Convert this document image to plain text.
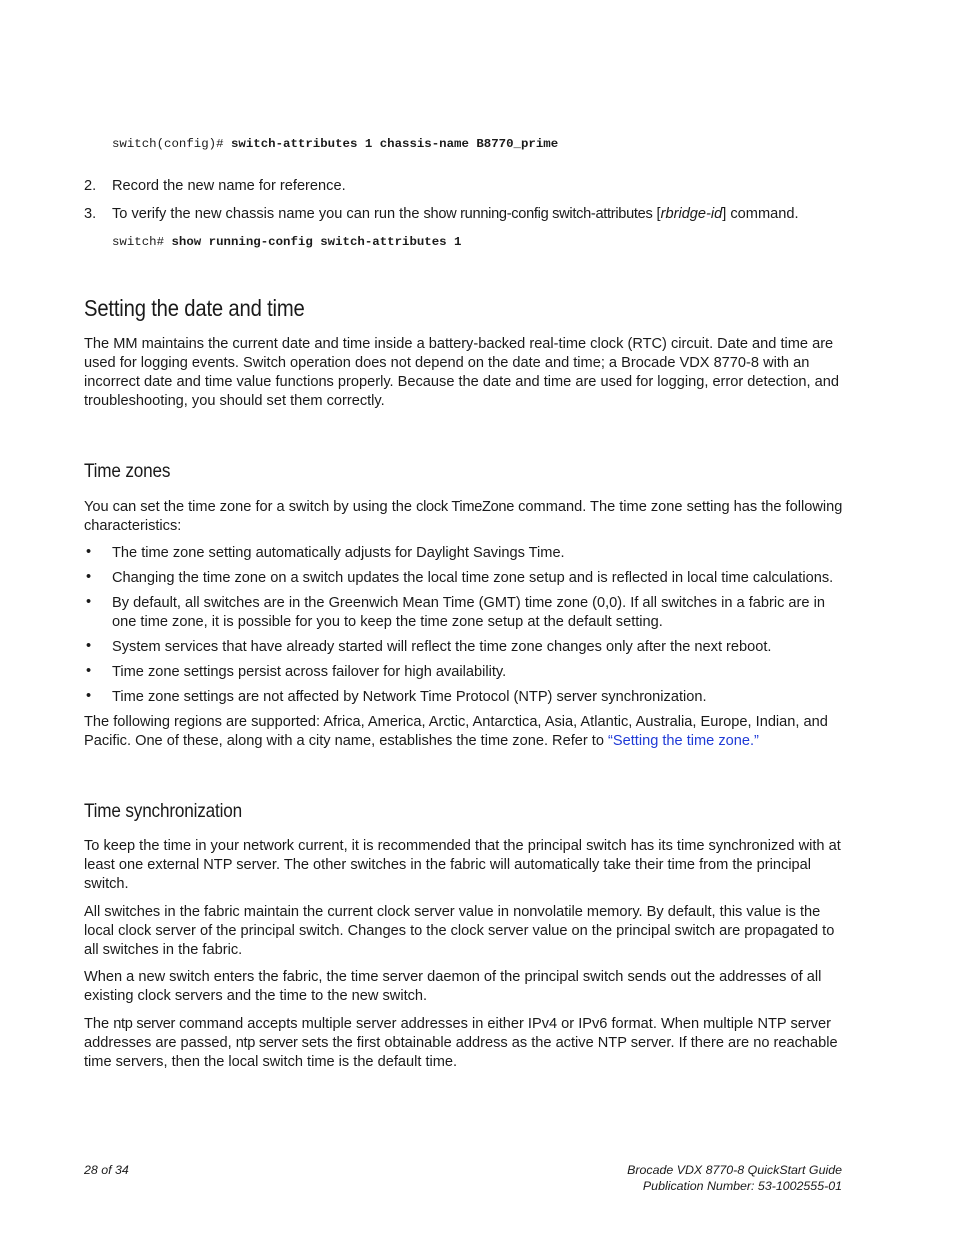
switch(config)# switch-attributes 1 chassis-name B8770_prime
2. Record the new name for reference.
3. To verify the new chassis name you can run the show running-config switch-attributes [rbridge-id] command.
switch# show running-config switch-attributes 1
Setting the date and time
The MM maintains the current date and time inside a battery-backed real-time clock (RTC) circuit. Date and time are used for logging events. Switch operation does not depend on the date and time; a Brocade VDX 8770-8 with an incorrect date and time value functions properly. Because the date and time are used for logging, error detection, and troubleshooting, you should set them correctly.
Time zones
You can set the time zone for a switch by using the clock TimeZone command. The time zone setting has the following characteristics:
• The time zone setting automatically adjusts for Daylight Savings Time.
• Changing the time zone on a switch updates the local time zone setup and is reflected in local time calculations.
• By default, all switches are in the Greenwich Mean Time (GMT) time zone (0,0). If all switches in a fabric are in one time zone, it is possible for you to keep the time zone setup at the default setting.
• System services that have already started will reflect the time zone changes only after the next reboot.
• Time zone settings persist across failover for high availability.
• Time zone settings are not affected by Network Time Protocol (NTP) server synchronization.
The following regions are supported: Africa, America, Arctic, Antarctica, Asia, Atlantic, Australia, Europe, Indian, and Pacific. One of these, along with a city name, establishes the time zone. Refer to “Setting the time zone.”
Time synchronization
To keep the time in your network current, it is recommended that the principal switch has its time synchronized with at least one external NTP server. The other switches in the fabric will automatically take their time from the principal switch.
All switches in the fabric maintain the current clock server value in nonvolatile memory. By default, this value is the local clock server of the principal switch. Changes to the clock server value on the principal switch are propagated to all switches in the fabric.
When a new switch enters the fabric, the time server daemon of the principal switch sends out the addresses of all existing clock servers and the time to the new switch.
The ntp server command accepts multiple server addresses in either IPv4 or IPv6 format. When multiple NTP server addresses are passed, ntp server sets the first obtainable address as the active NTP server. If there are no reachable time servers, then the local switch time is the default time.
28 of 34	Brocade VDX 8770-8 QuickStart Guide
Publication Number: 53-1002555-01
